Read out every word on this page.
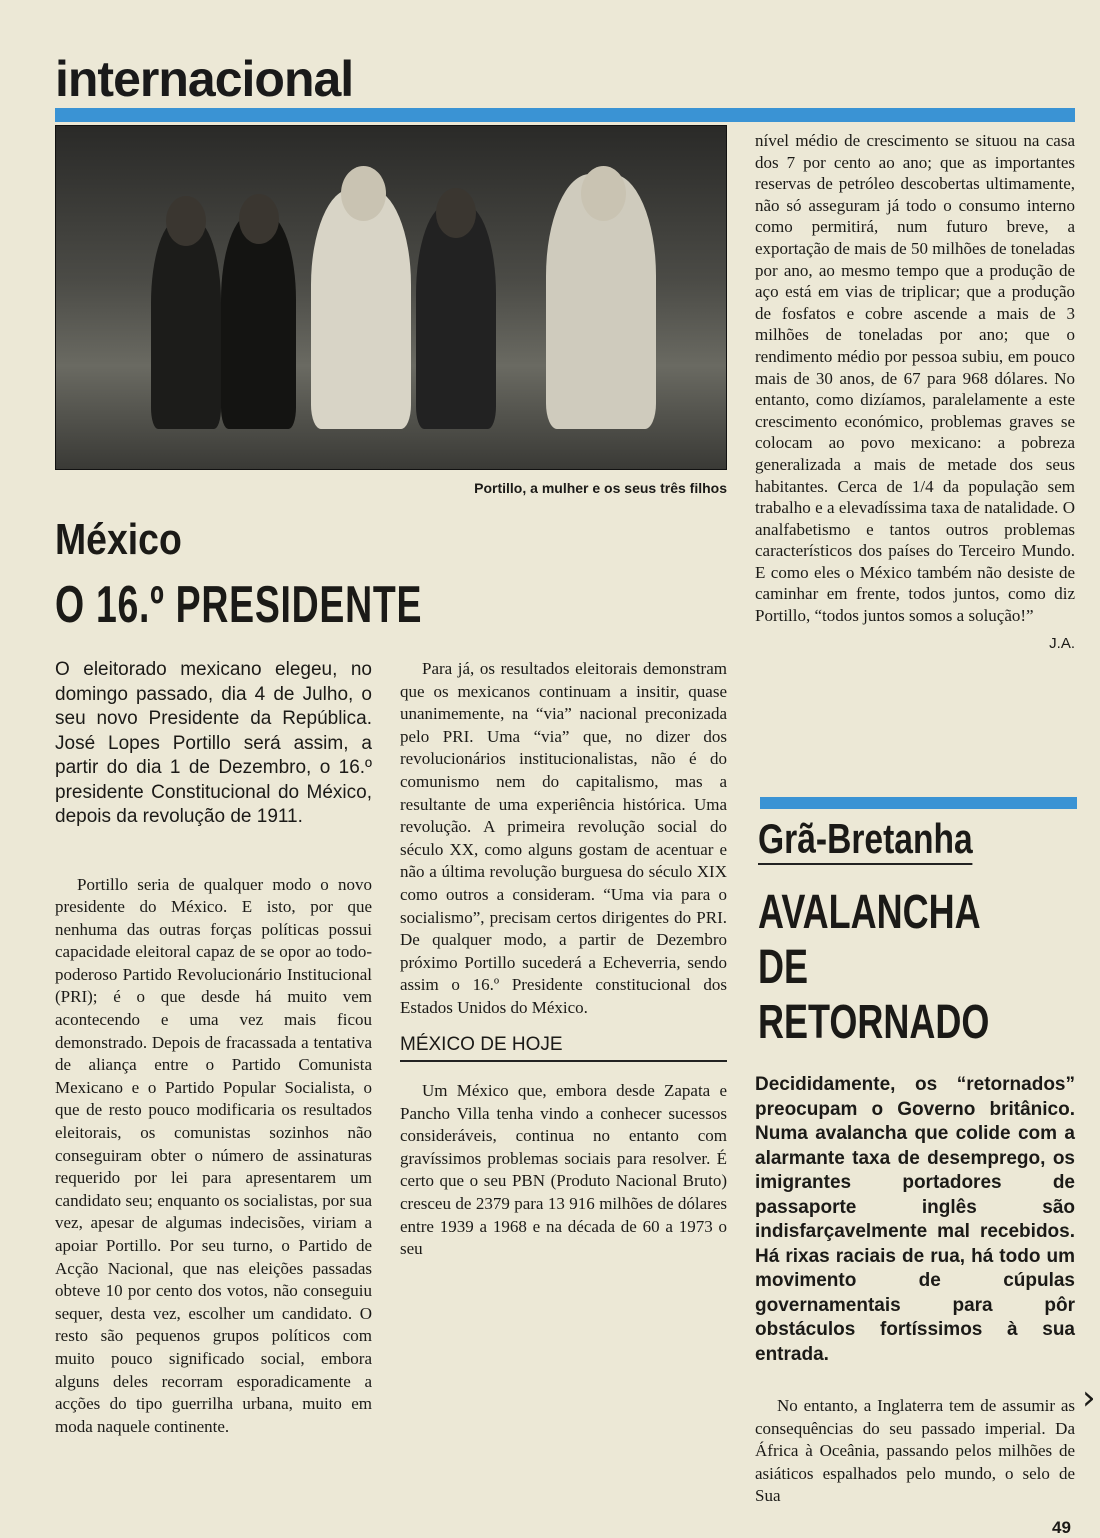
internacional
Portillo, a mulher e os seus três filhos
México
O 16.º PRESIDENTE
O eleitorado mexicano elegeu, no domingo passado, dia 4 de Julho, o seu novo Presidente da República. José Lopes Portillo será assim, a partir do dia 1 de Dezembro, o 16.º presidente Constitucional do México, depois da revolução de 1911.

Portillo seria de qualquer modo o novo presidente do México. E isto, por que nenhuma das outras forças políticas possui capacidade eleitoral capaz de se opor ao todo-poderoso Partido Revolucionário Institucional (PRI); é o que desde há muito vem acontecendo e uma vez mais ficou demonstrado. Depois de fracassada a tentativa de aliança entre o Partido Comunista Mexicano e o Partido Popular Socialista, o que de resto pouco modificaria os resultados eleitorais, os comunistas sozinhos não conseguiram obter o número de assinaturas requerido por lei para apresentarem um candidato seu; enquanto os socialistas, por sua vez, apesar de algumas indecisões, viriam a apoiar Portillo. Por seu turno, o Partido de Acção Nacional, que nas eleições passadas obteve 10 por cento dos votos, não conseguiu sequer, desta vez, escolher um candidato. O resto são pequenos grupos políticos com muito pouco significado social, embora alguns deles recorram esporadicamente a acções do tipo guerrilha urbana, muito em moda naquele continente.

Para já, os resultados eleitorais demonstram que os mexicanos continuam a insitir, quase unanimemente, na “via” nacional preconizada pelo PRI. Uma “via” que, no dizer dos revolucionários institucionalistas, não é do comunismo nem do capitalismo, mas a resultante de uma experiência histórica. Uma revolução. A primeira revolução social do século XX, como alguns gostam de acentuar e não a última revolução burguesa do século XIX como outros a consideram. “Uma via para o socialismo”, precisam certos dirigentes do PRI. De qualquer modo, a partir de Dezembro próximo Portillo sucederá a Echeverria, sendo assim o 16.º Presidente constitucional dos Estados Unidos do México.

MÉXICO DE HOJE

Um México que, embora desde Zapata e Pancho Villa tenha vindo a conhecer sucessos consideráveis, continua no entanto com gravíssimos problemas sociais para resolver. É certo que o seu PBN (Produto Nacional Bruto) cresceu de 2379 para 13 916 milhões de dólares entre 1939 a 1968 e na década de 60 a 1973 o seu

nível médio de crescimento se situou na casa dos 7 por cento ao ano; que as importantes reservas de petróleo descobertas ultimamente, não só asseguram já todo o consumo interno como permitirá, num futuro breve, a exportação de mais de 50 milhões de toneladas por ano, ao mesmo tempo que a produção de aço está em vias de triplicar; que a produção de fosfatos e cobre ascende a mais de 3 milhões de toneladas por ano; que o rendimento médio por pessoa subiu, em pouco mais de 30 anos, de 67 para 968 dólares. No entanto, como dizíamos, paralelamente a este crescimento económico, problemas graves se colocam ao povo mexicano: a pobreza generalizada a mais de metade dos seus habitantes. Cerca de 1/4 da população sem trabalho e a elevadíssima taxa de natalidade. O analfabetismo e tantos outros problemas característicos dos países do Terceiro Mundo. E como eles o México também não desiste de caminhar em frente, todos juntos, como diz Portillo, “todos juntos somos a solução!”

J.A.
Grã-Bretanha
AVALANCHA DE RETORNADO
Decididamente, os “retornados” preocupam o Governo britânico. Numa avalancha que colide com a alarmante taxa de desemprego, os imigrantes portadores de passaporte inglês são indisfarçavelmente mal recebidos. Há rixas raciais de rua, há todo um movimento de cúpulas governamentais para pôr obstáculos fortíssimos à sua entrada.

No entanto, a Inglaterra tem de assumir as consequências do seu passado imperial. Da África à Oceânia, passando pelos milhões de asiáticos espalhados pelo mundo, o selo de Sua

›
49
